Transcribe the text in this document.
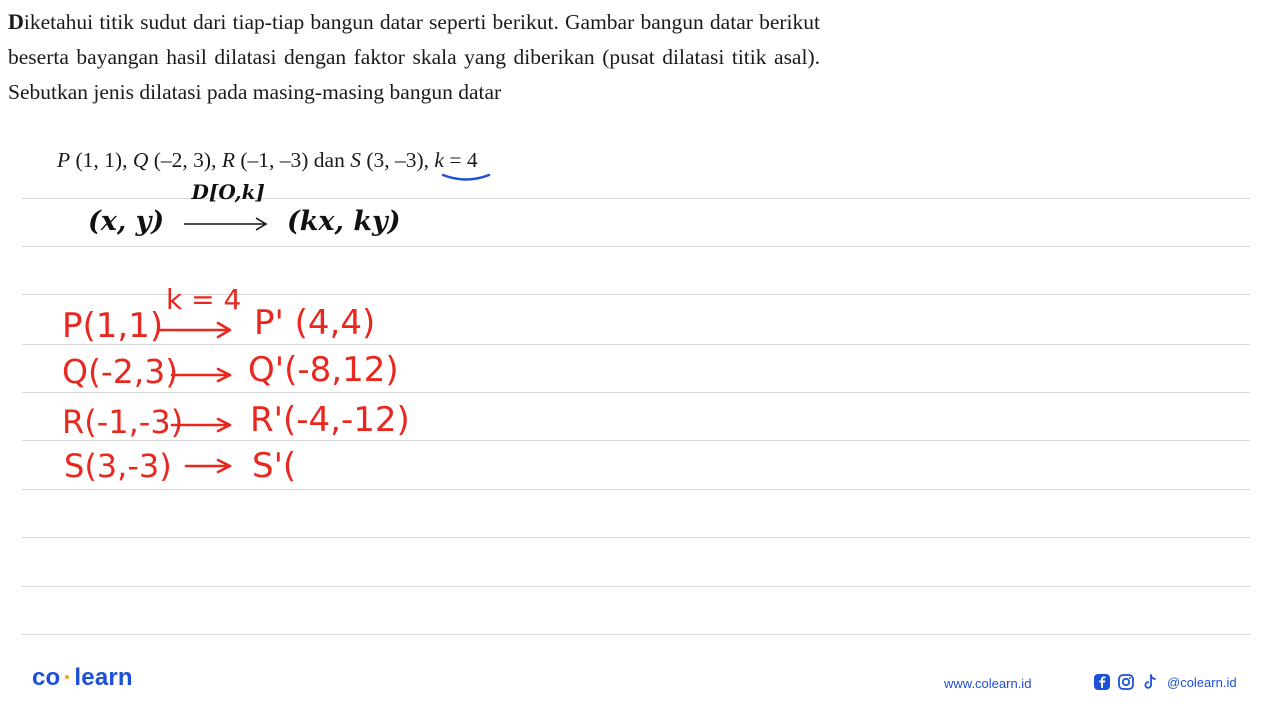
Diketahui titik sudut dari tiap-tiap bangun datar seperti berikut. Gambar bangun datar berikut beserta bayangan hasil dilatasi dengan faktor skala yang diberikan (pusat dilatasi titik asal). Sebutkan jenis dilatasi pada masing-masing bangun datar
P (1, 1), Q (–2, 3), R (–1, –3) dan S (3, –3), k = 4
(x, y)
D[O,k]
(kx, ky)
P(1,1)
k = 4
P' (4,4)
Q(-2,3) Q'(-8,12)
R(-1,-3) R'(-4,-12)
S(3,-3) S'(
co learn	www.colearn.id	@colearn.id
